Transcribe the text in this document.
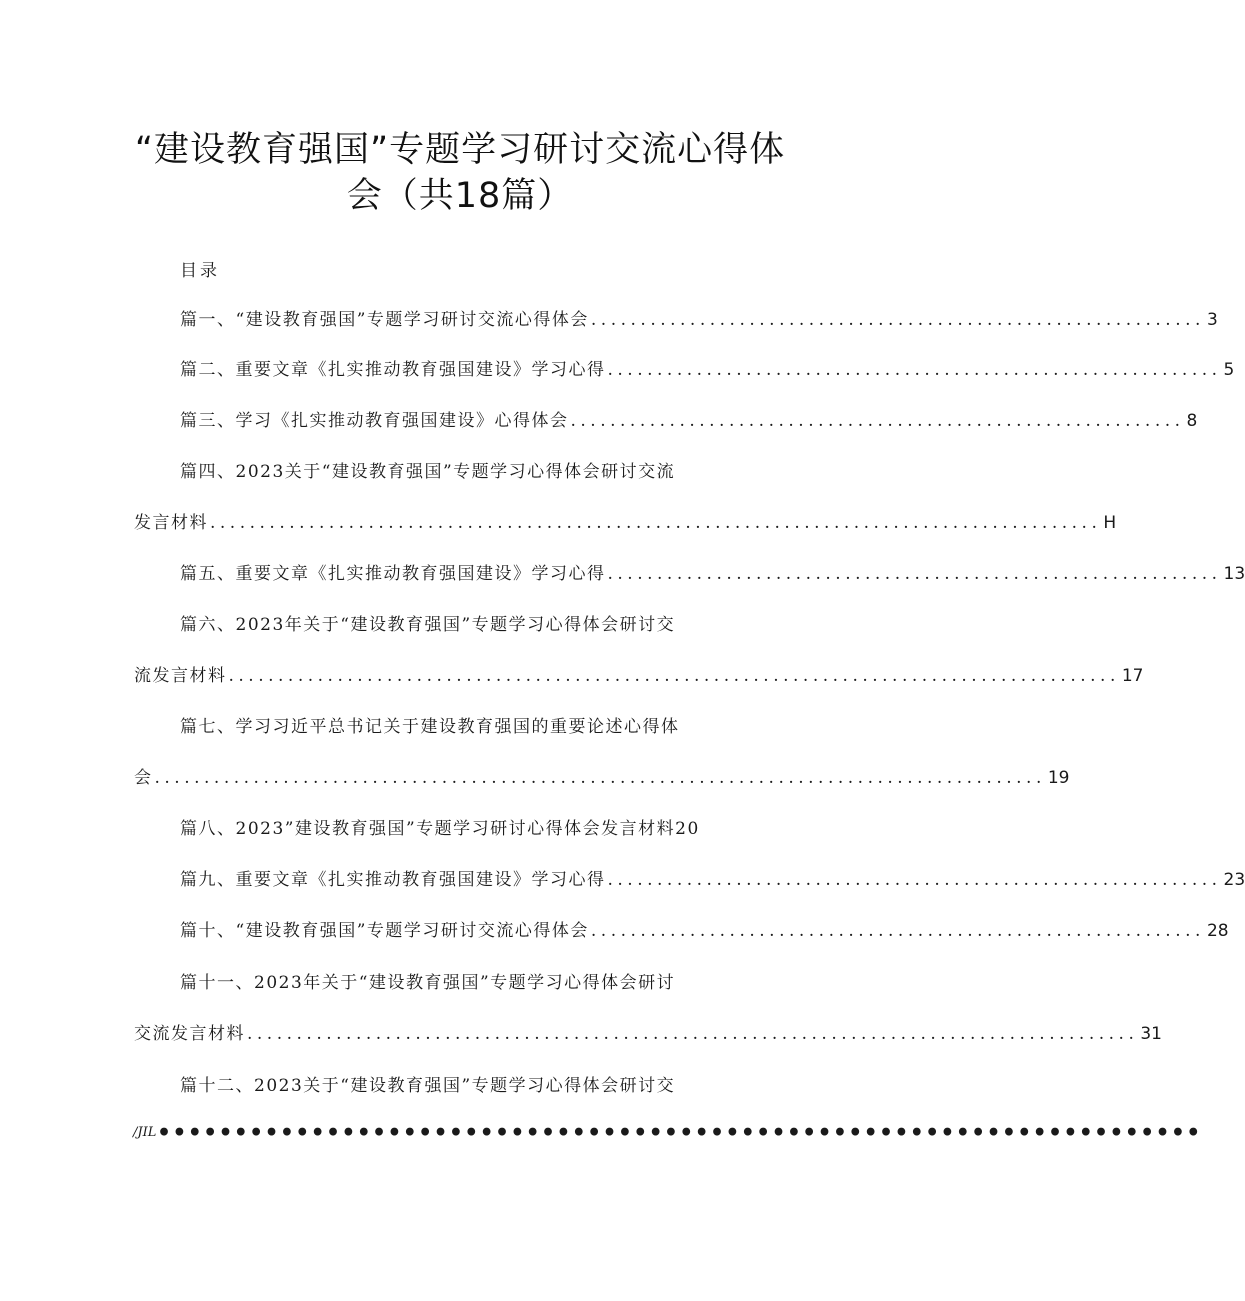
“建设教育强国”专题学习研讨交流心得体
会（共18篇）
目录
篇一、“建设教育强国”专题学习研讨交流心得体会 .............................................................. 3
篇二、重要文章《扎实推动教育强国建设》学习心得 .............................................................. 5
篇三、学习《扎实推动教育强国建设》心得体会 .............................................................. 8
篇四、2023关于“建设教育强国”专题学习心得体会研讨交流
发言材料 .......................................................................................... H
篇五、重要文章《扎实推动教育强国建设》学习心得 .............................................................. 13
篇六、2023年关于“建设教育强国”专题学习心得体会研讨交
流发言材料 .......................................................................................... 17
篇七、学习习近平总书记关于建设教育强国的重要论述心得体
会 .......................................................................................... 19
篇八、2023”建设教育强国”专题学习研讨心得体会发言材料20
篇九、重要文章《扎实推动教育强国建设》学习心得 .............................................................. 23
篇十、“建设教育强国”专题学习研讨交流心得体会 .............................................................. 28
篇十一、2023年关于“建设教育强国”专题学习心得体会研讨
交流发言材料 .......................................................................................... 31
篇十二、2023关于“建设教育强国”专题学习心得体会研讨交
/JIL ••••••••••••••••••••••••••••••••••••••••••••••••••••••••••••••••••••
